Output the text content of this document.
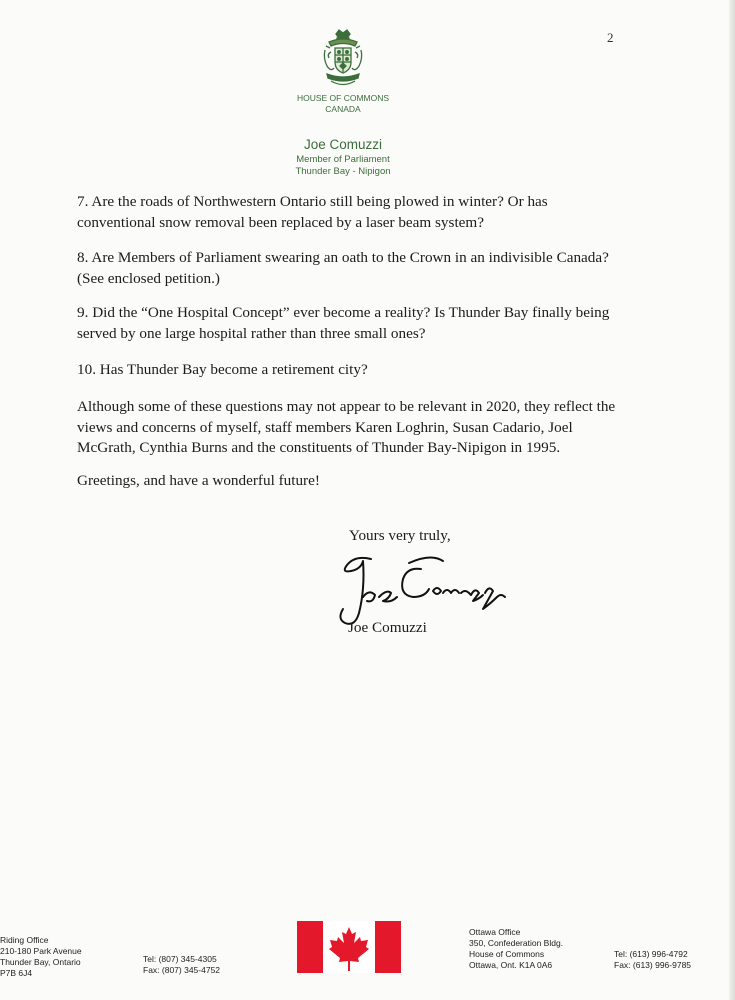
2
HOUSE OF COMMONS
CANADA
Joe Comuzzi
Member of Parliament
Thunder Bay - Nipigon

7. Are the roads of Northwestern Ontario still being plowed in winter? Or has conventional snow removal been replaced by a laser beam system?

8. Are Members of Parliament swearing an oath to the Crown in an indivisible Canada? (See enclosed petition.)

9. Did the “One Hospital Concept” ever become a reality? Is Thunder Bay finally being served by one large hospital rather than three small ones?

10. Has Thunder Bay become a retirement city?

Although some of these questions may not appear to be relevant in 2020, they reflect the views and concerns of myself, staff members Karen Loghrin, Susan Cadario, Joel McGrath, Cynthia Burns and the constituents of Thunder Bay-Nipigon in 1995.

Greetings, and have a wonderful future!

Yours very truly,
Joe Comuzzi
Riding Office
210-180 Park Avenue
Thunder Bay, Ontario
P7B 6J4
Tel: (807) 345-4305
Fax: (807) 345-4752
Ottawa Office
350, Confederation Bldg.
House of Commons
Ottawa, Ont. K1A 0A6
Tel: (613) 996-4792
Fax: (613) 996-9785
